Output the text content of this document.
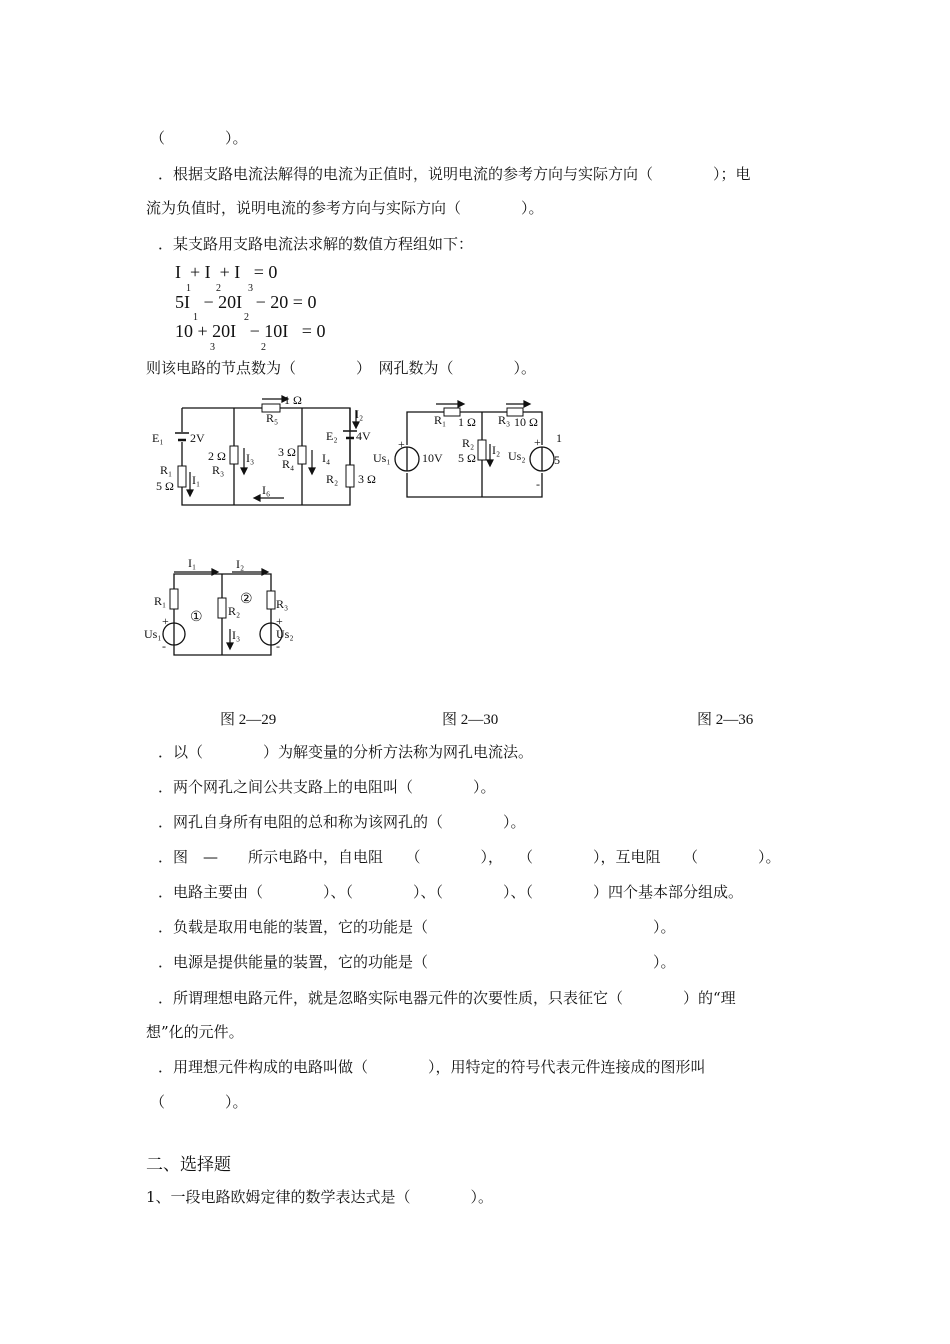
（　　　　）。
．根据支路电流法解得的电流为正值时，说明电流的参考方向与实际方向（　　　　）；电
流为负值时，说明电流的参考方向与实际方向（　　　　）。
．某支路用支路电流法求解的数值方程组如下：
I  + I  + I   = 0
5I   − 20I   − 20 = 0
10 + 20I   − 10I   = 0
1	2	3
1	2
3	2
则该电路的节点数为（　　　　）　网孔数为（　　　　）。
E₁ 2V
R₁
5 Ω I₁
2 Ω
R₃
I₃
1 Ω
R₅
3 Ω
R₄ I₄
I₂
E₂ 4V
R₂ 3 Ω
I₆
+	+
-
1
R₁ 1 Ω R₃ 10 Ω
R₂
5 Ω
I₂
Us₁	10V	Us₂ 5
I₁	I₂
R₁
R₂	R₃
①
②
I₃
Us₁	Us₂
+
-
+
-
图 2—29	图 2—30	图 2—36
．以（　　　　）为解变量的分析方法称为网孔电流法。
．两个网孔之间公共支路上的电阻叫（　　　　）。
．网孔自身所有电阻的总和称为该网孔的（　　　　）。
．图　—　　所示电路中，自电阻　　（　　　　），　　（　　　　），互电阻　　（　　　　）。
．电路主要由（　　　　）、（　　　　）、（　　　　）、（　　　　）四个基本部分组成。
．负载是取用电能的装置，它的功能是（　　　　　　　　　　　　　　　）。
．电源是提供能量的装置，它的功能是（　　　　　　　　　　　　　　　）。
．所谓理想电路元件，就是忽略实际电器元件的次要性质，只表征它（　　　　）的“理
想”化的元件。
．用理想元件构成的电路叫做（　　　　），用特定的符号代表元件连接成的图形叫
（　　　　）。
二、选择题
1、一段电路欧姆定律的数学表达式是（　　　　）。
